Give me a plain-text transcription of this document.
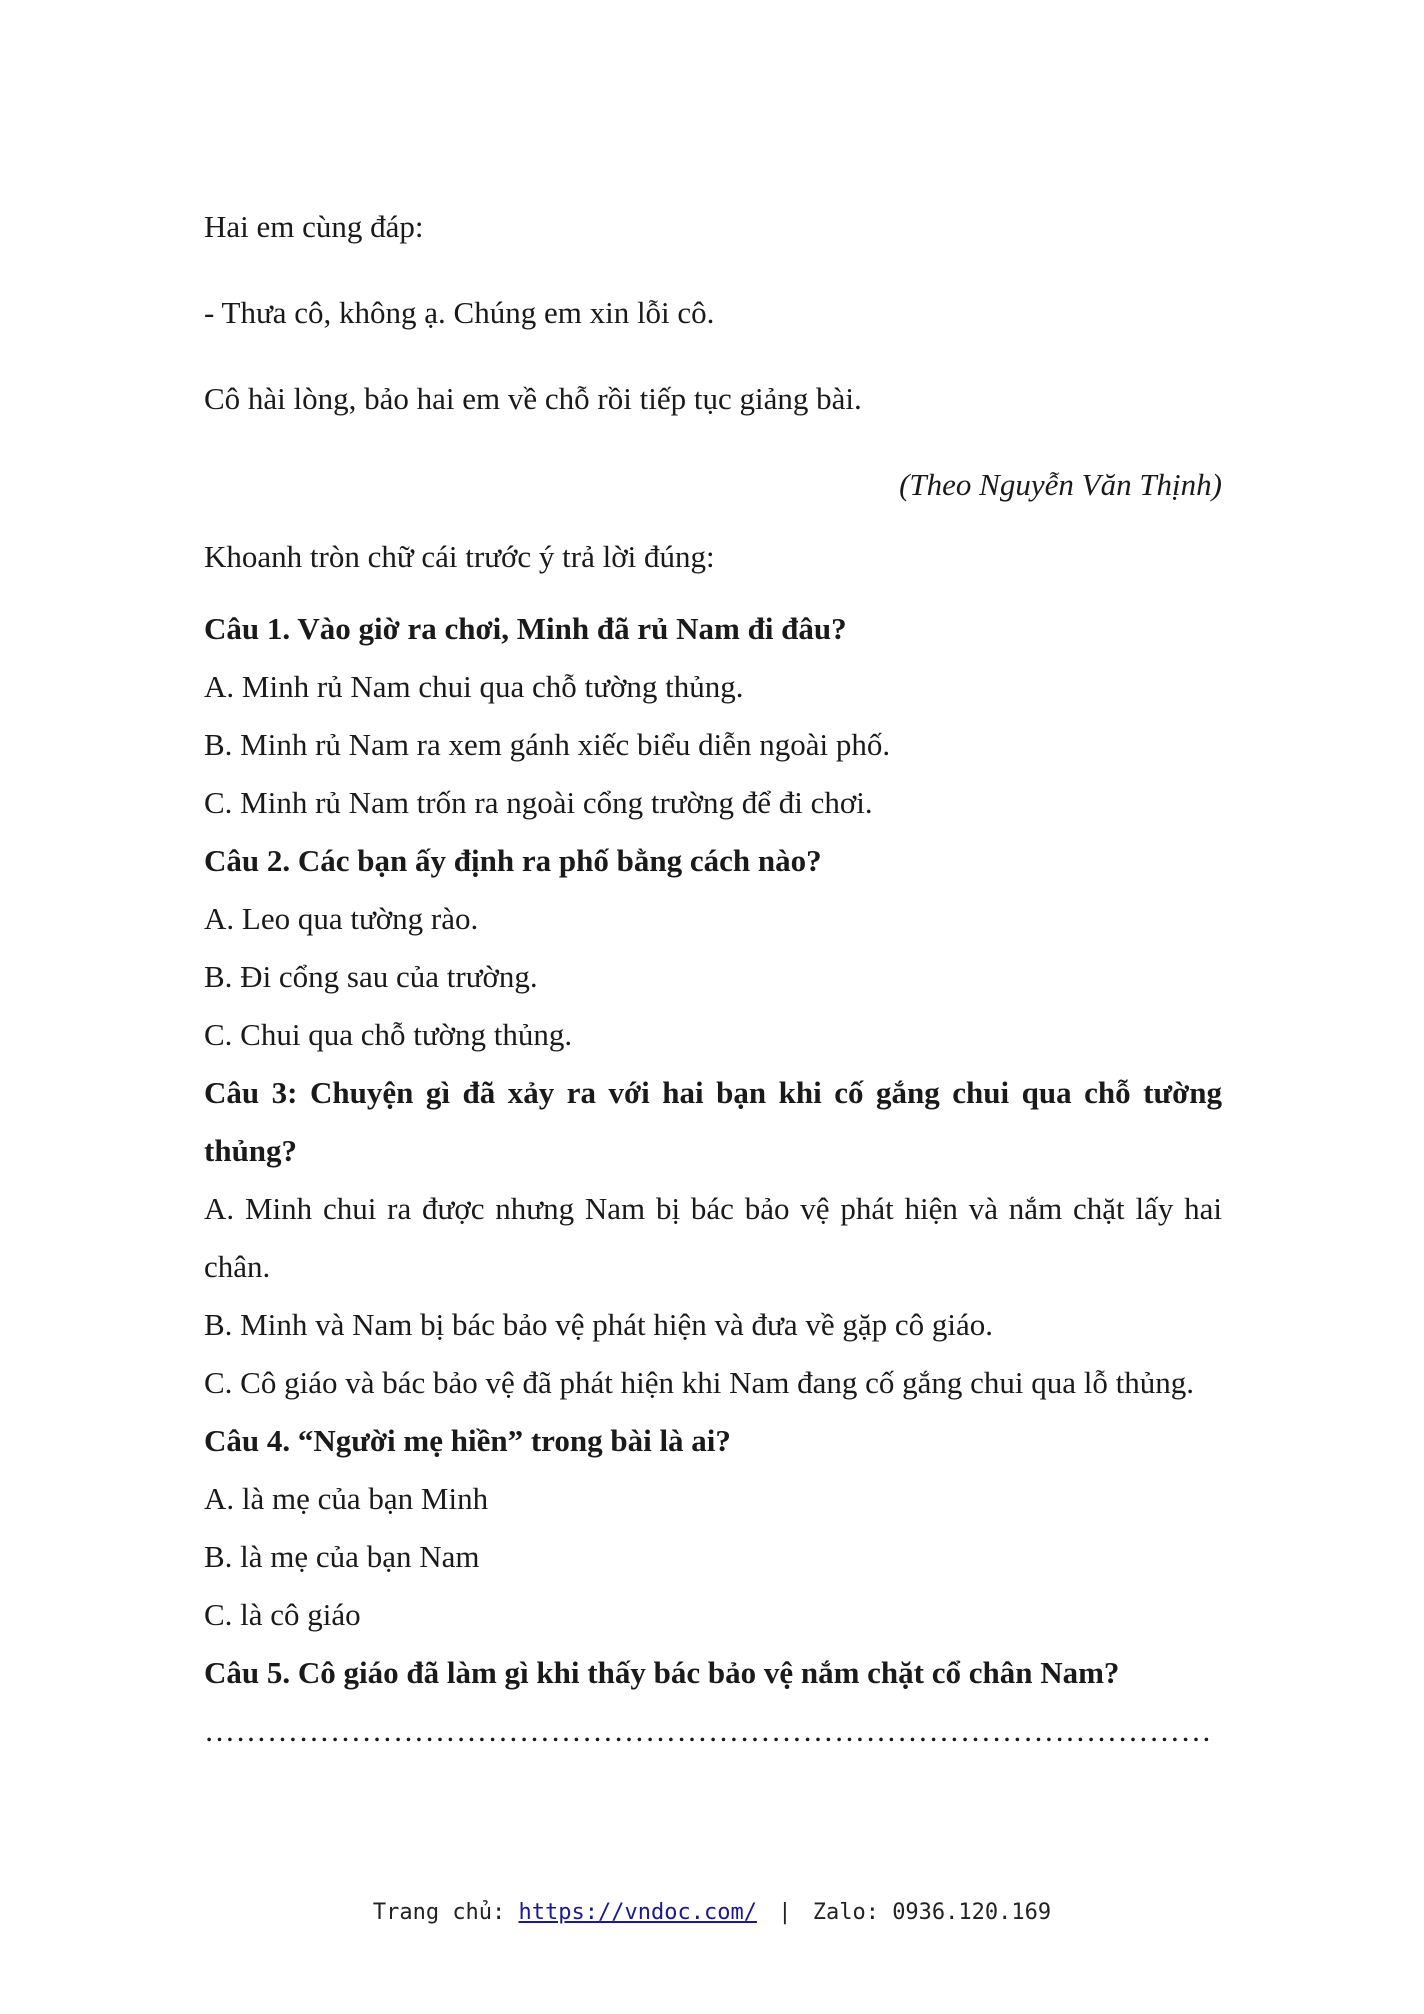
Hai em cùng đáp:

- Thưa cô, không ạ. Chúng em xin lỗi cô.

Cô hài lòng, bảo hai em về chỗ rồi tiếp tục giảng bài.

(Theo Nguyễn Văn Thịnh)

Khoanh tròn chữ cái trước ý trả lời đúng:

Câu 1. Vào giờ ra chơi, Minh đã rủ Nam đi đâu?

A. Minh rủ Nam chui qua chỗ tường thủng.

B. Minh rủ Nam ra xem gánh xiếc biểu diễn ngoài phố.

C. Minh rủ Nam trốn ra ngoài cổng trường để đi chơi.

Câu 2. Các bạn ấy định ra phố bằng cách nào?

A. Leo qua tường rào.

B. Đi cổng sau của trường.

C. Chui qua chỗ tường thủng.

Câu 3: Chuyện gì đã xảy ra với hai bạn khi cố gắng chui qua chỗ tường thủng?

A. Minh chui ra được nhưng Nam bị bác bảo vệ phát hiện và nắm chặt lấy hai chân.

B. Minh và Nam bị bác bảo vệ phát hiện và đưa về gặp cô giáo.

C. Cô giáo và bác bảo vệ đã phát hiện khi Nam đang cố gắng chui qua lỗ thủng.

Câu 4. “Người mẹ hiền” trong bài là ai?

A. là mẹ của bạn Minh

B. là mẹ của bạn Nam

C. là cô giáo

Câu 5. Cô giáo đã làm gì khi thấy bác bảo vệ nắm chặt cổ chân Nam?

……………………………………………………………………………………

Trang chủ: https://vndoc.com/ | Zalo: 0936.120.169
